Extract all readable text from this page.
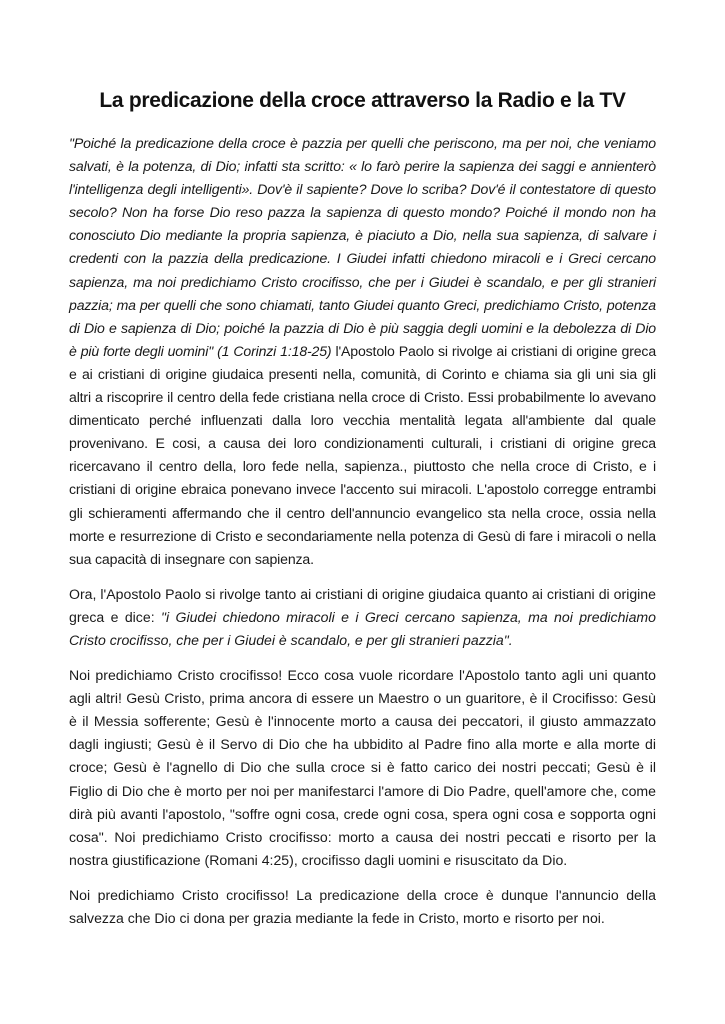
La predicazione della croce attraverso la Radio e la TV

"Poiché la predicazione della croce è pazzia per quelli che periscono, ma per noi, che veniamo salvati, è la potenza, di Dio; infatti sta scritto: « lo farò perire la sapienza dei saggi e annienterò l'intelligenza degli intelligenti». Dov'è il sapiente? Dove lo scriba? Dov'é il contestatore di questo secolo? Non ha forse Dio reso pazza la sapienza di questo mondo? Poiché il mondo non ha conosciuto Dio mediante la propria sapienza, è piaciuto a Dio, nella sua sapienza, di salvare i credenti con la pazzia della predicazione. I Giudei infatti chiedono miracoli e i Greci cercano sapienza, ma noi predichiamo Cristo crocifisso, che per i Giudei è scandalo, e per gli stranieri pazzia; ma per quelli che sono chiamati, tanto Giudei quanto Greci, predichiamo Cristo, potenza di Dio e sapienza di Dio; poiché la pazzia di Dio è più saggia degli uomini e la debolezza di Dio è più forte degli uomini" (1 Corinzi 1:18-25) l'Apostolo Paolo si rivolge ai cristiani di origine greca e ai cristiani di origine giudaica presenti nella, comunità, di Corinto e chiama sia gli uni sia gli altri a riscoprire il centro della fede cristiana nella croce di Cristo. Essi probabilmente lo avevano dimenticato perché influenzati dalla loro vecchia mentalità legata all'ambiente dal quale provenivano. E cosi, a causa dei loro condizionamenti culturali, i cristiani di origine greca ricercavano il centro della, loro fede nella, sapienza., piuttosto che nella croce di Cristo, e i cristiani di origine ebraica ponevano invece l'accento sui miracoli. L'apostolo corregge entrambi gli schieramenti affermando che il centro dell'annuncio evangelico sta nella croce, ossia nella morte e resurrezione di Cristo e secondariamente nella potenza di Gesù di fare i miracoli o nella sua capacità di insegnare con sapienza.

Ora, l'Apostolo Paolo si rivolge tanto ai cristiani di origine giudaica quanto ai cristiani di origine greca e dice: "i Giudei chiedono miracoli e i Greci cercano sapienza, ma noi predichiamo Cristo crocifisso, che per i Giudei è scandalo, e per gli stranieri pazzia".

Noi predichiamo Cristo crocifisso! Ecco cosa vuole ricordare l'Apostolo tanto agli uni quanto agli altri! Gesù Cristo, prima ancora di essere un Maestro o un guaritore, è il Crocifisso: Gesù è il Messia sofferente; Gesù è l'innocente morto a causa dei peccatori, il giusto ammazzato dagli ingiusti; Gesù è il Servo di Dio che ha ubbidito al Padre fino alla morte e alla morte di croce; Gesù è l'agnello di Dio che sulla croce si è fatto carico dei nostri peccati; Gesù è il Figlio di Dio che è morto per noi per manifestarci l'amore di Dio Padre, quell'amore che, come dirà più avanti l'apostolo, "soffre ogni cosa, crede ogni cosa, spera ogni cosa e sopporta ogni cosa". Noi predichiamo Cristo crocifisso: morto a causa dei nostri peccati e risorto per la nostra giustificazione (Romani 4:25), crocifisso dagli uomini e risuscitato da Dio.

Noi predichiamo Cristo crocifisso! La predicazione della croce è dunque l'annuncio della salvezza che Dio ci dona per grazia mediante la fede in Cristo, morto e risorto per noi.
